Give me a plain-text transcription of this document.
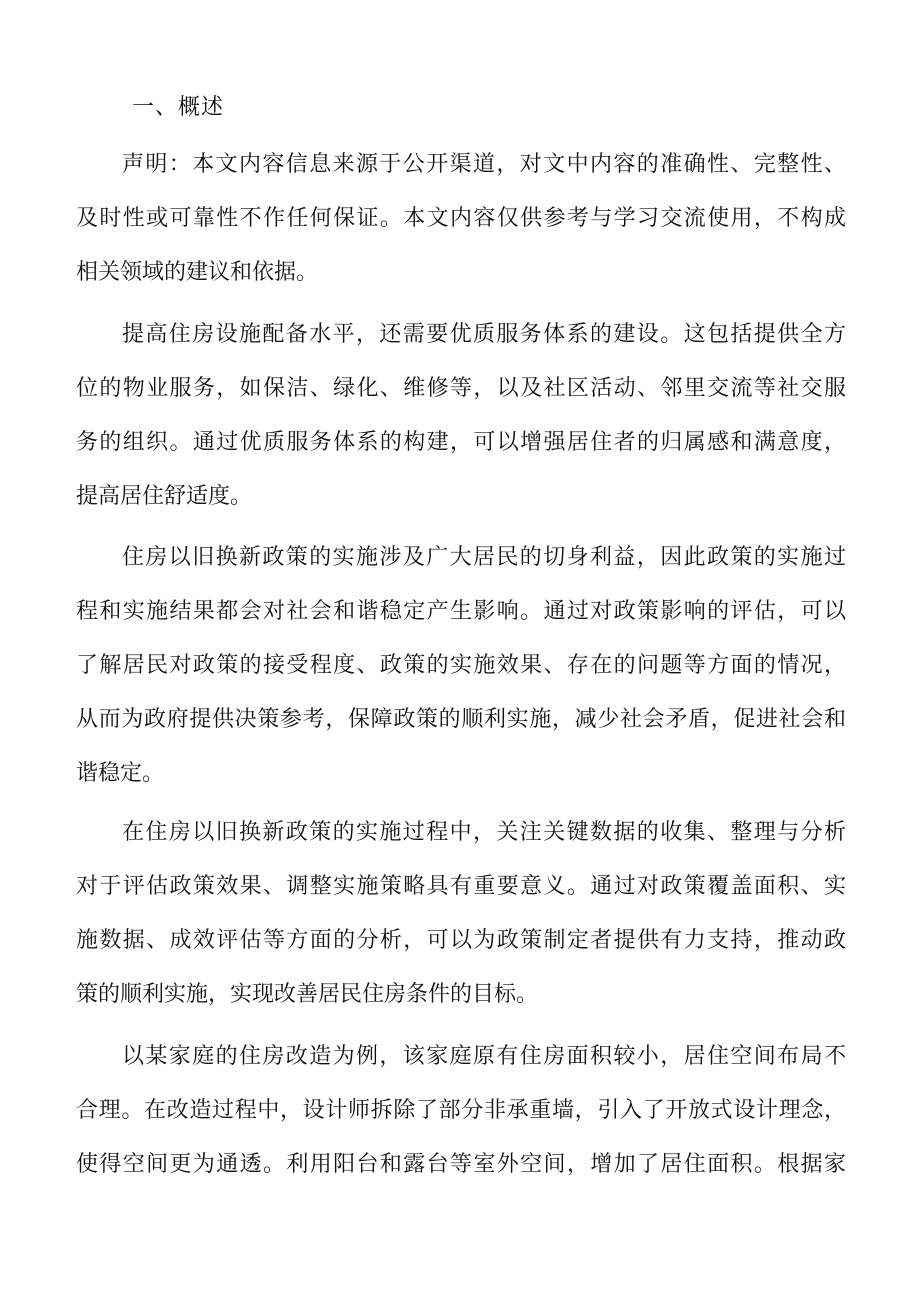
一、概述
声明：本文内容信息来源于公开渠道，对文中内容的准确性、完整性、
及时性或可靠性不作任何保证。本文内容仅供参考与学习交流使用，不构成
相关领域的建议和依据。
提高住房设施配备水平，还需要优质服务体系的建设。这包括提供全方
位的物业服务，如保洁、绿化、维修等，以及社区活动、邻里交流等社交服
务的组织。通过优质服务体系的构建，可以增强居住者的归属感和满意度，
提高居住舒适度。
住房以旧换新政策的实施涉及广大居民的切身利益，因此政策的实施过
程和实施结果都会对社会和谐稳定产生影响。通过对政策影响的评估，可以
了解居民对政策的接受程度、政策的实施效果、存在的问题等方面的情况，
从而为政府提供决策参考，保障政策的顺利实施，减少社会矛盾，促进社会和
谐稳定。
在住房以旧换新政策的实施过程中，关注关键数据的收集、整理与分析
对于评估政策效果、调整实施策略具有重要意义。通过对政策覆盖面积、实
施数据、成效评估等方面的分析，可以为政策制定者提供有力支持，推动政
策的顺利实施，实现改善居民住房条件的目标。
以某家庭的住房改造为例，该家庭原有住房面积较小，居住空间布局不
合理。在改造过程中，设计师拆除了部分非承重墙，引入了开放式设计理念，
使得空间更为通透。利用阳台和露台等室外空间，增加了居住面积。根据家
